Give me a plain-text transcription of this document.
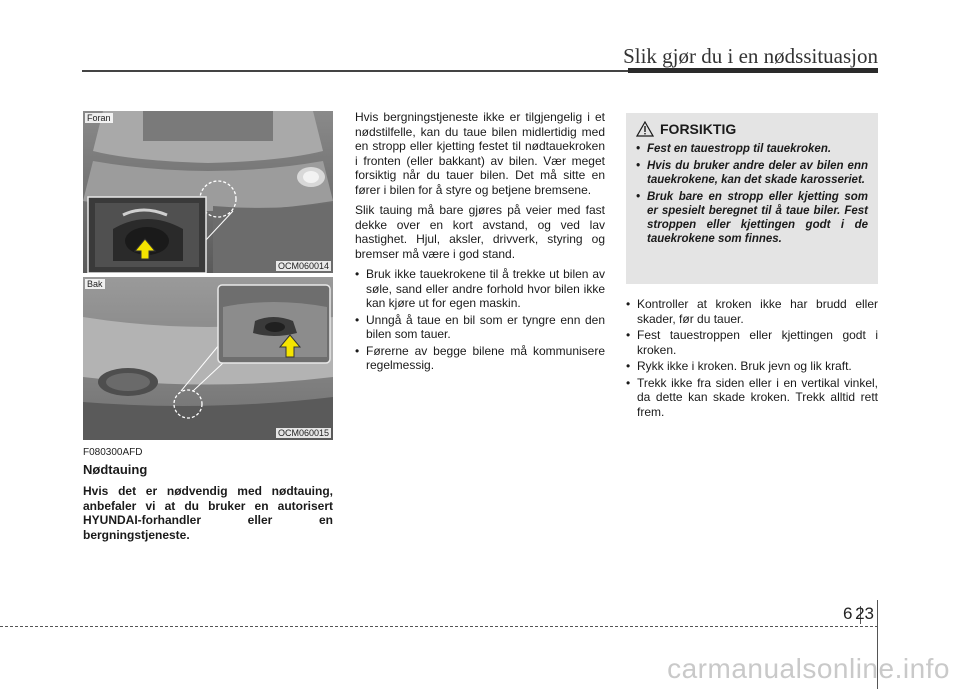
Slik gjør du i en nødssituasjon
Foran
OCM060014
Bak
OCM060015
F080300AFD
Nødtauing
Hvis det er nødvendig med nødtauing, anbefaler vi at du bruker en autorisert HYUNDAI-forhandler eller en bergningstjeneste.

Hvis bergningstjeneste ikke er tilgjengelig i et nødstilfelle, kan du taue bilen midlertidig med en stropp eller kjetting festet til nødtauekroken i fronten (eller bakkant) av bilen. Vær meget forsiktig når du tauer bilen. Det må sitte en fører i bilen for å styre og betjene bremsene.

Slik tauing må bare gjøres på veier med fast dekke over en kort avstand, og ved lav hastighet. Hjul, aksler, drivverk, styring og bremser må være i god stand.

• Bruk ikke tauekrokene til å trekke ut bilen av søle, sand eller andre forhold hvor bilen ikke kan kjøre ut for egen maskin.
• Unngå å taue en bil som er tyngre enn den bilen som tauer.
• Førerne av begge bilene må kommunisere regelmessig.
FORSIKTIG
• Fest en tauestropp til tauekroken.
• Hvis du bruker andre deler av bilen enn tauekrokene, kan det skade karosseriet.
• Bruk bare en stropp eller kjetting som er spesielt beregnet til å taue biler. Fest stroppen eller kjettingen godt i de tauekrokene som finnes.
• Kontroller at kroken ikke har brudd eller skader, før du tauer.
• Fest tauestroppen eller kjettingen godt i kroken.
• Rykk ikke i kroken. Bruk jevn og lik kraft.
• Trekk ikke fra siden eller i en vertikal vinkel, da dette kan skade kroken. Trekk alltid rett frem.
6 23
carmanualsonline.info
